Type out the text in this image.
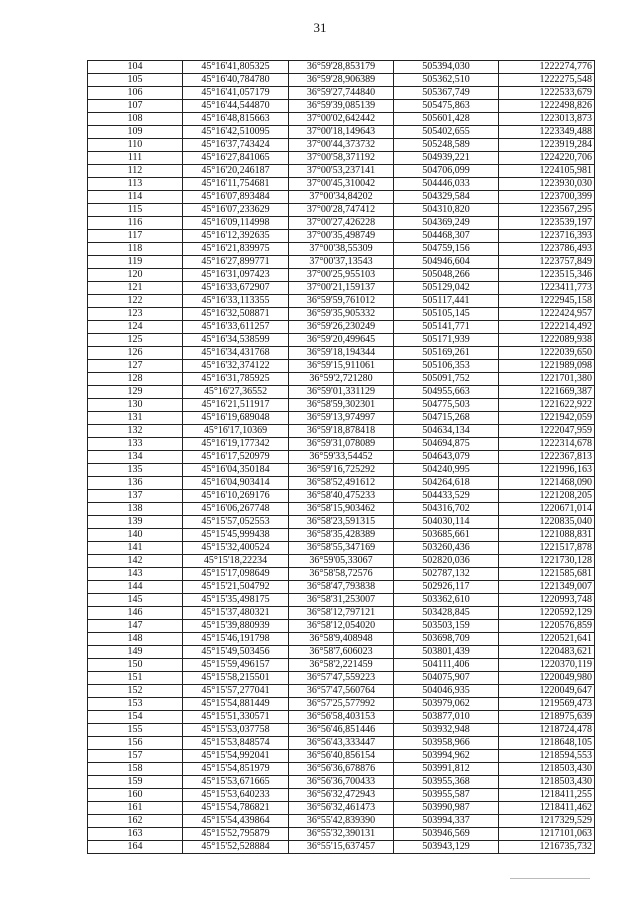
31
104	45°16'41,805325	36°59'28,853179	505394,030	1222274,776
105	45°16'40,784780	36°59'28,906389	505362,510	1222275,548
106	45°16'41,057179	36°59'27,744840	505367,749	1222533,679
107	45°16'44,544870	36°59'39,085139	505475,863	1222498,826
108	45°16'48,815663	37°00'02,642442	505601,428	1223013,873
109	45°16'42,510095	37°00'18,149643	505402,655	1223349,488
110	45°16'37,743424	37°00'44,373732	505248,589	1223919,284
111	45°16'27,841065	37°00'58,371192	504939,221	1224220,706
112	45°16'20,246187	37°00'53,237141	504706,099	1224105,981
113	45°16'11,754681	37°00'45,310042	504446,033	1223930,030
114	45°16'07,893484	37°00'34,84202	504329,584	1223700,399
115	45°16'07,233629	37°00'28,747412	504310,820	1223567,295
116	45°16'09,114998	37°00'27,426228	504369,249	1223539,197
117	45°16'12,392635	37°00'35,498749	504468,307	1223716,393
118	45°16'21,839975	37°00'38,55309	504759,156	1223786,493
119	45°16'27,899771	37°00'37,13543	504946,604	1223757,849
120	45°16'31,097423	37°00'25,955103	505048,266	1223515,346
121	45°16'33,672907	37°00'21,159137	505129,042	1223411,773
122	45°16'33,113355	36°59'59,761012	505117,441	1222945,158
123	45°16'32,508871	36°59'35,905332	505105,145	1222424,957
124	45°16'33,611257	36°59'26,230249	505141,771	1222214,492
125	45°16'34,538599	36°59'20,499645	505171,939	1222089,938
126	45°16'34,431768	36°59'18,194344	505169,261	1222039,650
127	45°16'32,374122	36°59'15,911061	505106,353	1221989,098
128	45°16'31,785925	36°59'2,721280	505091,752	1221701,380
129	45°16'27,36552	36°59'01,331129	504955,663	1221669,387
130	45°16'21,511917	36°58'59,302301	504775,503	1221622,922
131	45°16'19,689048	36°59'13,974997	504715,268	1221942,059
132	45°16'17,10369	36°59'18,878418	504634,134	1222047,959
133	45°16'19,177342	36°59'31,078089	504694,875	1222314,678
134	45°16'17,520979	36°59'33,54452	504643,079	1222367,813
135	45°16'04,350184	36°59'16,725292	504240,995	1221996,163
136	45°16'04,903414	36°58'52,491612	504264,618	1221468,090
137	45°16'10,269176	36°58'40,475233	504433,529	1221208,205
138	45°16'06,267748	36°58'15,903462	504316,702	1220671,014
139	45°15'57,052553	36°58'23,591315	504030,114	1220835,040
140	45°15'45,999438	36°58'35,428389	503685,661	1221088,831
141	45°15'32,400524	36°58'55,347169	503260,436	1221517,878
142	45°15'18,22234	36°59'05,33067	502820,036	1221730,128
143	45°15'17,098649	36°58'58,72576	502787,132	1221585,681
144	45°15'21,504792	36°58'47,793838	502926,117	1221349,007
145	45°15'35,498175	36°58'31,253007	503362,610	1220993,748
146	45°15'37,480321	36°58'12,797121	503428,845	1220592,129
147	45°15'39,880939	36°58'12,054020	503503,159	1220576,859
148	45°15'46,191798	36°58'9,408948	503698,709	1220521,641
149	45°15'49,503456	36°58'7,606023	503801,439	1220483,621
150	45°15'59,496157	36°58'2,221459	504111,406	1220370,119
151	45°15'58,215501	36°57'47,559223	504075,907	1220049,980
152	45°15'57,277041	36°57'47,560764	504046,935	1220049,647
153	45°15'54,881449	36°57'25,577992	503979,062	1219569,473
154	45°15'51,330571	36°56'58,403153	503877,010	1218975,639
155	45°15'53,037758	36°56'46,851446	503932,948	1218724,478
156	45°15'53,848574	36°56'43,333447	503958,966	1218648,105
157	45°15'54,992041	36°56'40,856154	503994,962	1218594,553
158	45°15'54,851979	36°56'36,678876	503991,812	1218503,430
159	45°15'53,671665	36°56'36,700433	503955,368	1218503,430
160	45°15'53,640233	36°56'32,472943	503955,587	1218411,255
161	45°15'54,786821	36°56'32,461473	503990,987	1218411,462
162	45°15'54,439864	36°55'42,839390	503994,337	1217329,529
163	45°15'52,795879	36°55'32,390131	503946,569	1217101,063
164	45°15'52,528884	36°55'15,637457	503943,129	1216735,732
